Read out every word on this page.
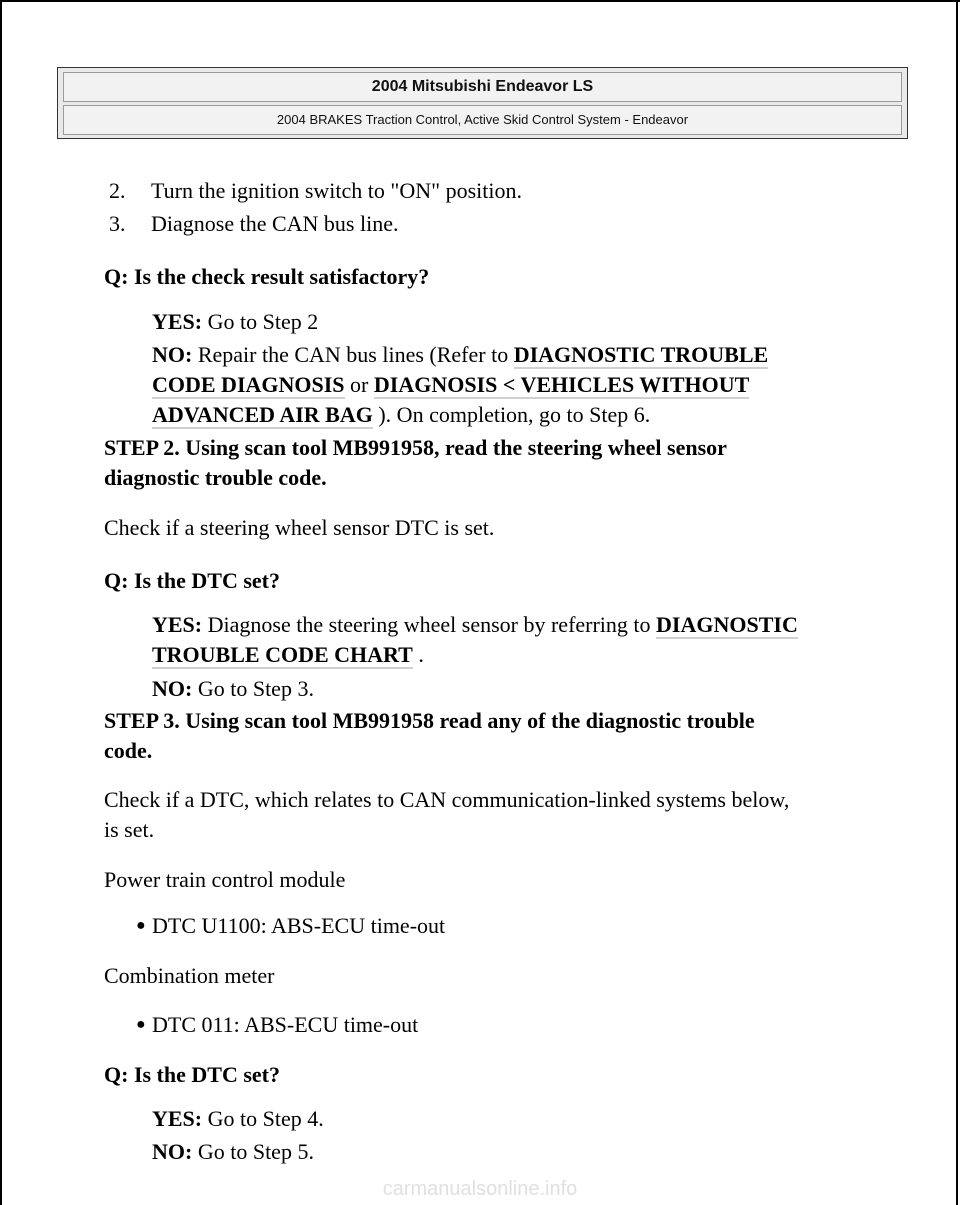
2004 Mitsubishi Endeavor LS
2004 BRAKES Traction Control, Active Skid Control System - Endeavor
2. Turn the ignition switch to "ON" position.
3. Diagnose the CAN bus line.
Q: Is the check result satisfactory?
YES: Go to Step 2
NO: Repair the CAN bus lines (Refer to DIAGNOSTIC TROUBLE
CODE DIAGNOSIS or DIAGNOSIS < VEHICLES WITHOUT
ADVANCED AIR BAG ). On completion, go to Step 6.
STEP 2. Using scan tool MB991958, read the steering wheel sensor
diagnostic trouble code.
Check if a steering wheel sensor DTC is set.
Q: Is the DTC set?
YES: Diagnose the steering wheel sensor by referring to DIAGNOSTIC
TROUBLE CODE CHART .
NO: Go to Step 3.
STEP 3. Using scan tool MB991958 read any of the diagnostic trouble
code.
Check if a DTC, which relates to CAN communication-linked systems below,
is set.
Power train control module
● DTC U1100: ABS-ECU time-out
Combination meter
● DTC 011: ABS-ECU time-out
Q: Is the DTC set?
YES: Go to Step 4.
NO: Go to Step 5.
carmanualsonline.info
